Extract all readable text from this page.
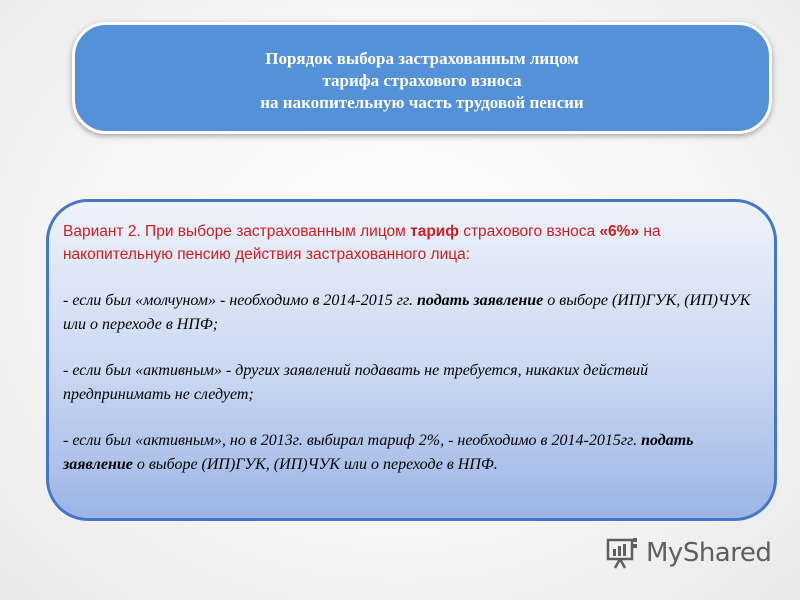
Порядок выбора застрахованным лицом
тарифа страхового взноса
на накопительную часть трудовой пенсии

Вариант 2. При выборе застрахованным лицом тариф страхового взноса «6%» на накопительную пенсию действия застрахованного лица:

- если был «молчуном» - необходимо в 2014-2015 гг. подать заявление о выборе (ИП)ГУК, (ИП)ЧУК или о переходе в НПФ;

- если был «активным» - других заявлений подавать не требуется, никаких действий предпринимать не следует;

- если был «активным», но в 2013г. выбирал тариф 2%, - необходимо в 2014-2015гг. подать заявление о выборе (ИП)ГУК, (ИП)ЧУК или о переходе в НПФ.

MyShared
